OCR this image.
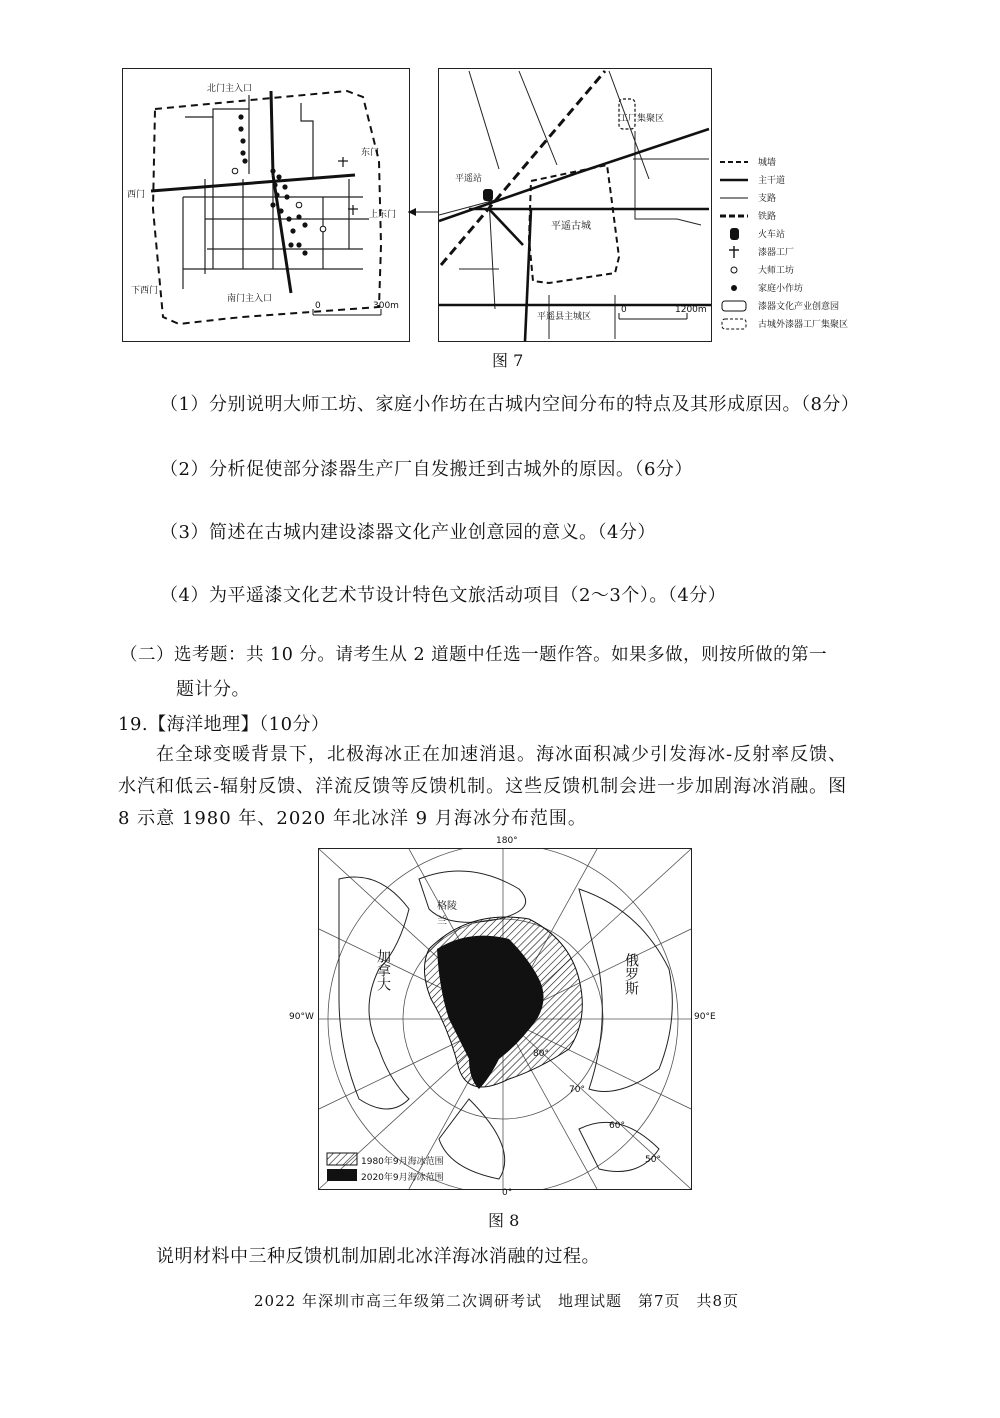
北门主入口
东门
西门
上东门
下西门
南门主入口
0	300m
平遥站
工厂集聚区
平遥古城
平遥县主城区
0	1200m
城墙
主干道
支路
铁路
火车站
漆器工厂
大师工坊
家庭小作坊
漆器文化产业创意园
古城外漆器工厂集聚区
图 7
（1）分别说明大师工坊、家庭小作坊在古城内空间分布的特点及其形成原因。（8分）
（2）分析促使部分漆器生产厂自发搬迁到古城外的原因。（6分）
（3）简述在古城内建设漆器文化产业创意园的意义。（4分）
（4）为平遥漆文化艺术节设计特色文旅活动项目（2～3个）。（4分）
（二）选考题：共 10 分。请考生从 2 道题中任选一题作答。如果多做，则按所做的第一
题计分。
19.【海洋地理】（10分）
在全球变暖背景下，北极海冰正在加速消退。海冰面积减少引发海冰-反射率反馈、
水汽和低云-辐射反馈、洋流反馈等反馈机制。这些反馈机制会进一步加剧海冰消融。图
8 示意 1980 年、2020 年北冰洋 9 月海冰分布范围。
格陵兰
加拿大	俄罗斯
80°
70°
60°
50°
1980年9月海冰范围
2020年9月海冰范围
180°
90°W	90°E
0°
图 8
说明材料中三种反馈机制加剧北冰洋海冰消融的过程。
2022 年深圳市高三年级第二次调研考试　地理试题　第7页　共8页
